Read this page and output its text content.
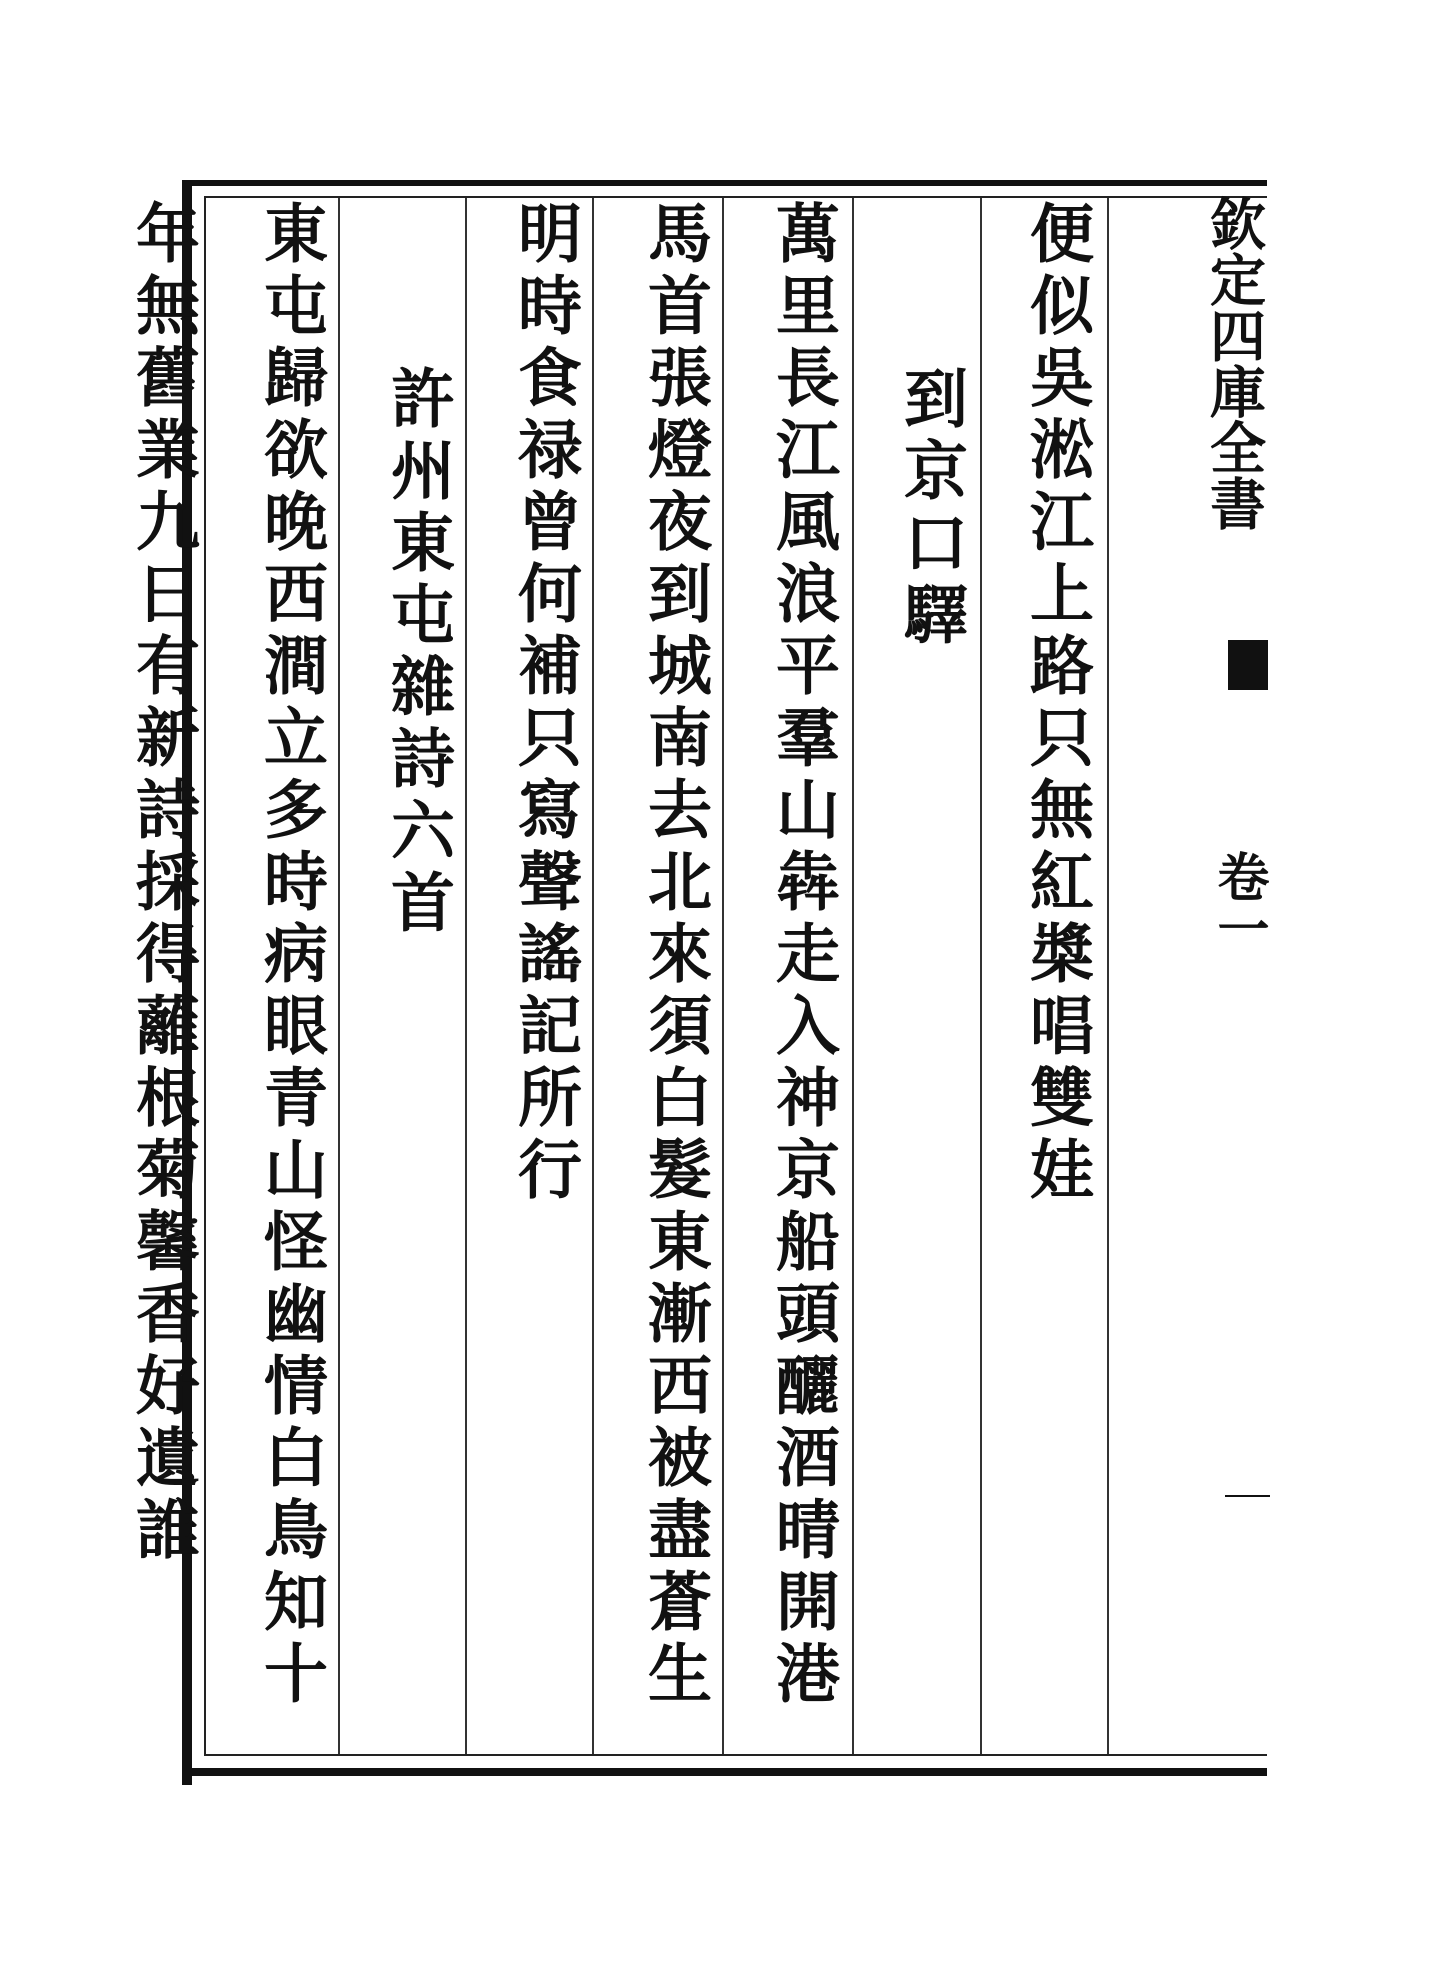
欽定四庫全書
卷一
便似吳淞江上路只無紅槳唱雙娃
到京口驛
萬里長江風浪平羣山犇走入神京船頭釃酒晴開港
馬首張燈夜到城南去北來須白髮東漸西被盡蒼生
明時食禄曾何補只寫聲謠記所行
許州東屯雜詩六首
東屯歸欲晚西澗立多時病眼青山怪幽情白鳥知十
年無舊業九日有新詩採得蘺根菊馨香好遺誰
